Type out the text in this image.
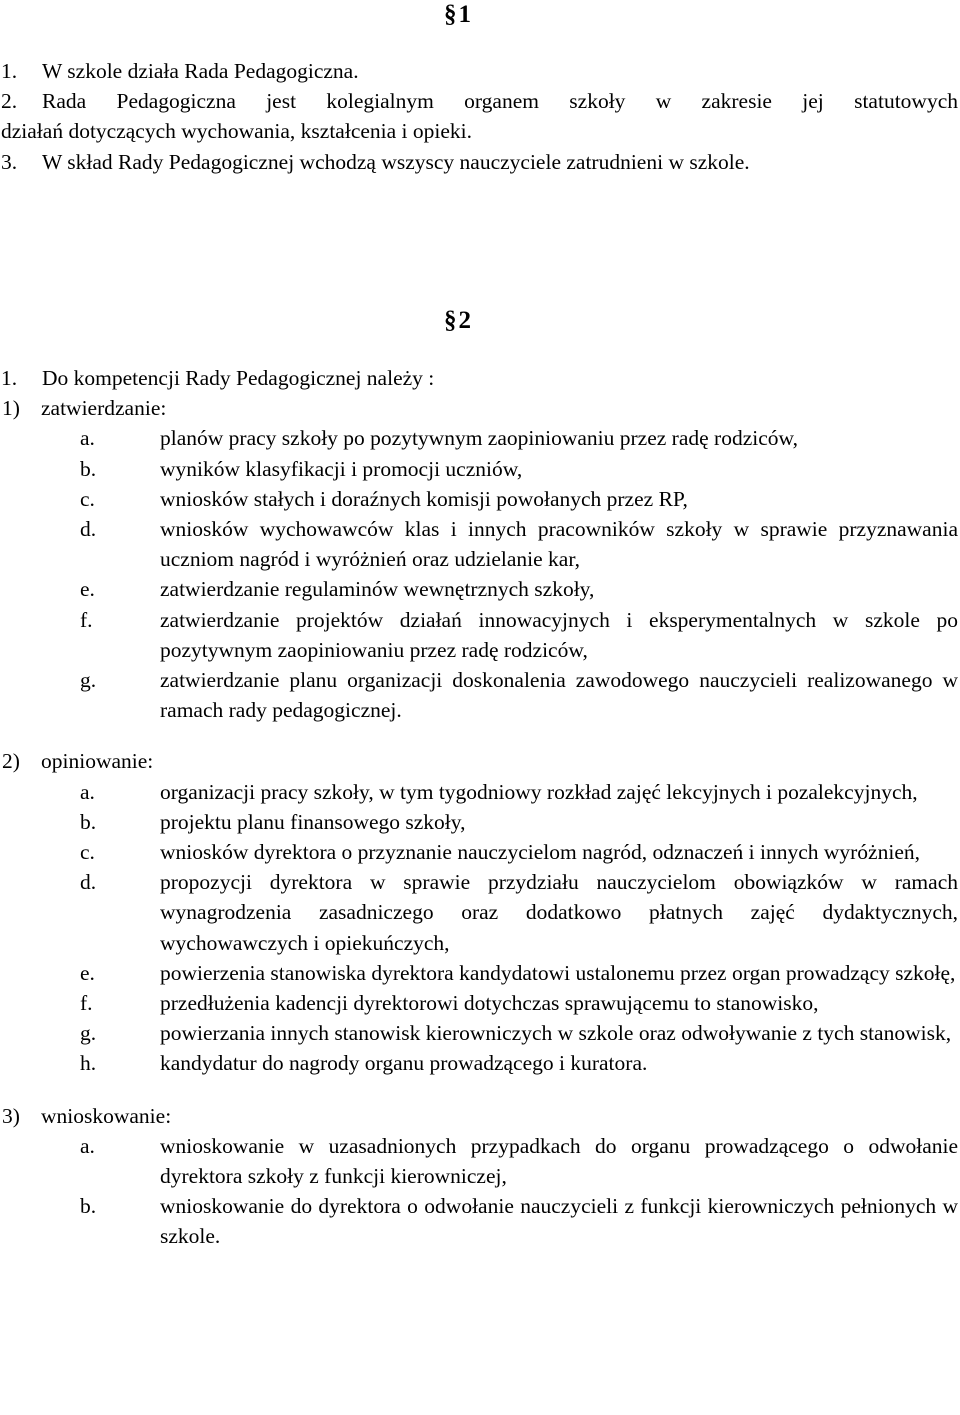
§1
1.	W szkole działa Rada Pedagogiczna.
2.	Rada Pedagogiczna jest kolegialnym organem szkoły w zakresie jej statutowych
działań dotyczących wychowania, kształcenia i opieki.
3.	W skład Rady Pedagogicznej wchodzą wszyscy nauczyciele zatrudnieni w szkole.
§2
1.	Do kompetencji Rady Pedagogicznej należy :
1) zatwierdzanie:
a.	planów pracy szkoły po pozytywnym zaopiniowaniu przez radę rodziców,
b.	wyników klasyfikacji i promocji uczniów,
c.	wniosków stałych i doraźnych komisji powołanych przez RP,
d.	wniosków wychowawców klas i innych pracowników szkoły w sprawie przyznawania uczniom nagród i wyróżnień oraz udzielanie kar,
e.	zatwierdzanie regulaminów wewnętrznych szkoły,
f.	zatwierdzanie projektów działań innowacyjnych i eksperymentalnych w szkole po pozytywnym zaopiniowaniu przez radę rodziców,
g.	zatwierdzanie planu organizacji doskonalenia zawodowego nauczycieli realizowanego w ramach rady pedagogicznej.
2) opiniowanie:
a.	organizacji pracy szkoły, w tym tygodniowy rozkład zajęć lekcyjnych i pozalekcyjnych,
b.	projektu planu finansowego szkoły,
c.	wniosków dyrektora o przyznanie nauczycielom nagród, odznaczeń i innych wyróżnień,
d.	propozycji dyrektora w sprawie przydziału nauczycielom obowiązków w ramach wynagrodzenia zasadniczego oraz dodatkowo płatnych zajęć dydaktycznych, wychowawczych i opiekuńczych,
e.	powierzenia stanowiska dyrektora kandydatowi ustalonemu przez organ prowadzący szkołę,
f.	przedłużenia kadencji dyrektorowi dotychczas sprawującemu to stanowisko,
g.	powierzania innych stanowisk kierowniczych w szkole oraz odwoływanie z tych stanowisk,
h.	kandydatur do nagrody organu prowadzącego i kuratora.
3) wnioskowanie:
a.	wnioskowanie w uzasadnionych przypadkach do organu prowadzącego o odwołanie dyrektora szkoły z funkcji kierowniczej,
b.	wnioskowanie do dyrektora o odwołanie nauczycieli z funkcji kierowniczych pełnionych w szkole.
